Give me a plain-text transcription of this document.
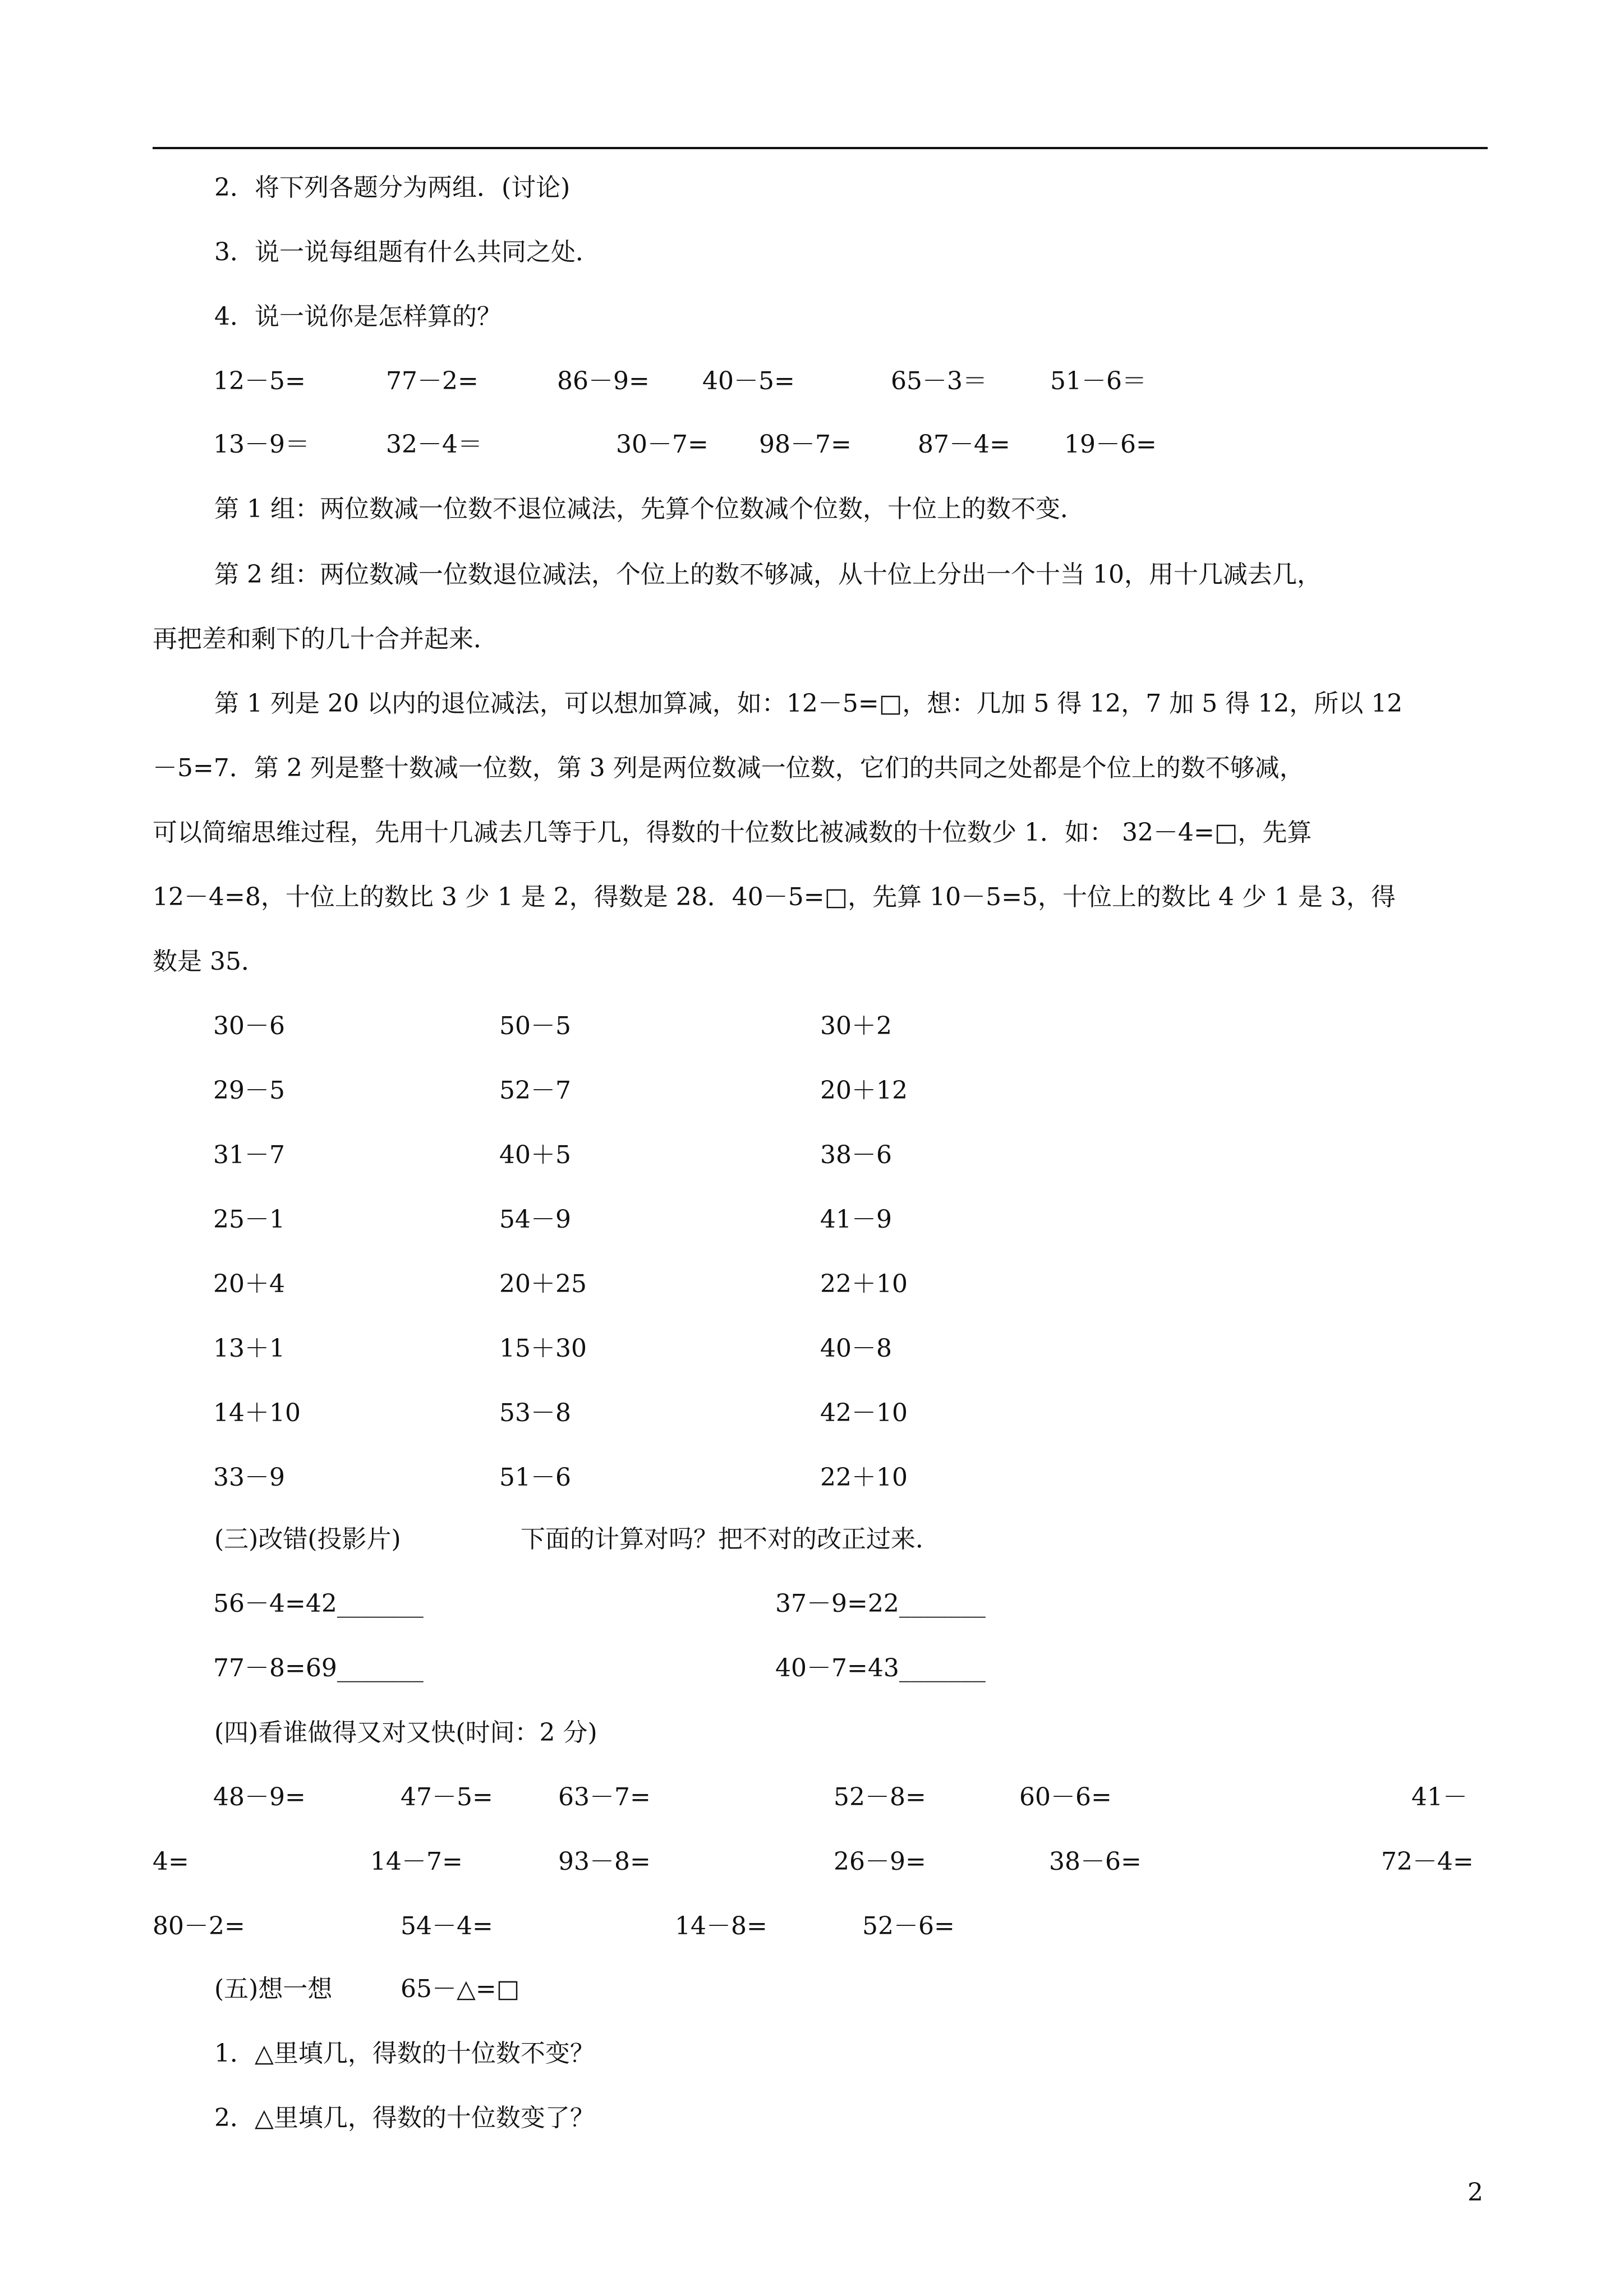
2．将下列各题分为两组．(讨论)
3．说一说每组题有什么共同之处．
4．说一说你是怎样算的？
12－5=	77－2=	86－9= 40－5=	65－3＝	51－6＝
13－9＝	32－4＝	30－7= 98－7=	87－4= 19－6=
第 1 组：两位数减一位数不退位减法，先算个位数减个位数，十位上的数不变．
第 2 组：两位数减一位数退位减法，个位上的数不够减，从十位上分出一个十当 10，用十几减去几，
再把差和剩下的几十合并起来．
第 1 列是 20 以内的退位减法，可以想加算减，如：12－5=□，想：几加 5 得 12，7 加 5 得 12，所以 12
－5=7．第 2 列是整十数减一位数，第 3 列是两位数减一位数，它们的共同之处都是个位上的数不够减，
可以简缩思维过程，先用十几减去几等于几，得数的十位数比被减数的十位数少 1．如： 32－4=□，先算
12－4=8，十位上的数比 3 少 1 是 2，得数是 28．40－5=□，先算 10－5=5，十位上的数比 4 少 1 是 3，得
数是 35．
30－6	50－5	30＋2
29－5	52－7	20＋12
31－7	40＋5	38－6
25－1	54－9	41－9
20＋4	20＋25	22＋10
13＋1	15＋30	40－8
14＋10	53－8	42－10
33－9	51－6	22＋10
(三)改错(投影片)	下面的计算对吗？把不对的改正过来．
56－4=42_______	37－9=22_______
77－8=69_______	40－7=43_______
(四)看谁做得又对又快(时间：2 分)
48－9=	47－5=	63－7=	52－8=	60－6=	41－
4=	14－7=	93－8=	26－9=	38－6=	72－4=
80－2=	54－4=	14－8=	52－6=
(五)想一想	65－△=□
1．△里填几，得数的十位数不变？
2．△里填几，得数的十位数变了？
2
